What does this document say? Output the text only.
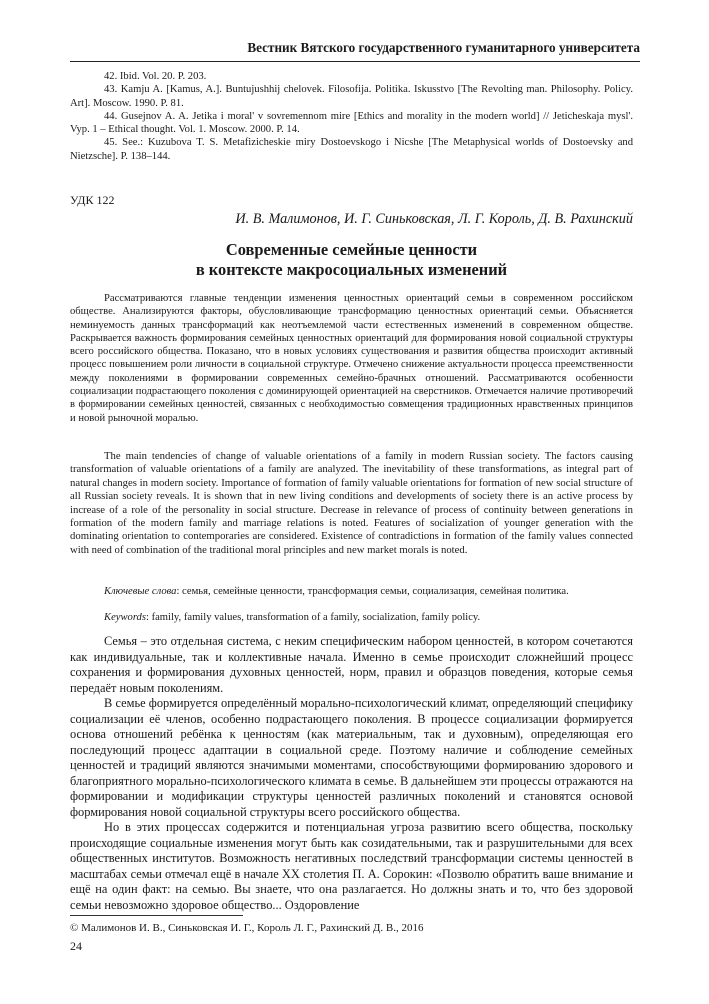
Вестник Вятского государственного гуманитарного университета

42. Ibid. Vol. 20. P. 203.

43. Kamju A. [Kamus, A.]. Buntujushhij chelovek. Filosofija. Politika. Iskusstvo [The Revolting man. Philosophy. Policy. Art]. Moscow. 1990. P. 81.

44. Gusejnov A. A. Jetika i moral' v sovremennom mire [Ethics and morality in the modern world] // Jeticheskaja mysl'. Vyp. 1 – Ethical thought. Vol. 1. Moscow. 2000. P. 14.

45. See.: Kuzubova T. S. Metafizicheskie miry Dostoevskogo i Nicshe [The Metaphysical worlds of Dostoevsky and Nietzsche]. P. 138–144.

УДК 122
И. В. Малимонов, И. Г. Синьковская, Л. Г. Король, Д. В. Рахинский
Современные семейные ценности
в контексте макросоциальных изменений

Рассматриваются главные тенденции изменения ценностных ориентаций семьи в современном российском обществе. Анализируются факторы, обусловливающие трансформацию ценностных ориентаций семьи. Объясняется неминуемость данных трансформаций как неотъемлемой части естественных изменений в современном обществе. Раскрывается важность формирования семейных ценностных ориентаций для формирования новой социальной структуры всего российского общества. Показано, что в новых условиях существования и развития общества происходит активный процесс повышением роли личности в социальной структуре. Отмечено снижение актуальности процесса преемственности между поколениями в формировании современных семейно-брачных отношений. Рассматриваются особенности социализации подрастающего поколения с доминирующей ориентацией на сверстников. Отмечается наличие противоречий в формировании семейных ценностей, связанных с необходимостью совмещения традиционных нравственных принципов и новой рыночной моралью.

The main tendencies of change of valuable orientations of a family in modern Russian society. The factors causing transformation of valuable orientations of a family are analyzed. The inevitability of these transformations, as integral part of natural changes in modern society. Importance of formation of family valuable orientations for formation of new social structure of all Russian society reveals. It is shown that in new living conditions and developments of society there is an active process by increase of a role of the personality in social structure. Decrease in relevance of process of continuity between generations in formation of the modern family and marriage relations is noted. Features of socialization of younger generation with the dominating orientation to contemporaries are considered. Existence of contradictions in formation of the family values connected with need of combination of the traditional moral principles and new market morals is noted.

Ключевые слова: семья, семейные ценности, трансформация семьи, социализация, семейная политика.

Keywords: family, family values, transformation of a family, socialization, family policy.

Семья – это отдельная система, с неким специфическим набором ценностей, в котором сочетаются как индивидуальные, так и коллективные начала. Именно в семье происходит сложнейший процесс сохранения и формирования духовных ценностей, норм, правил и образцов поведения, которые семья передаёт новым поколениям.

В семье формируется определённый морально-психологический климат, определяющий специфику социализации её членов, особенно подрастающего поколения. В процессе социализации формируется основа отношений ребёнка к ценностям (как материальным, так и духовным), определяющая его последующий процесс адаптации в социальной среде. Поэтому наличие и соблюдение семейных ценностей и традиций являются значимыми моментами, способствующими формированию здорового и благоприятного морально-психологического климата в семье. В дальнейшем эти процессы отражаются на формировании и модификации структуры ценностей различных поколений и становятся основой формирования новой социальной структуры всего российского общества.

Но в этих процессах содержится и потенциальная угроза развитию всего общества, поскольку происходящие социальные изменения могут быть как созидательными, так и разрушительными для всех общественных институтов. Возможность негативных последствий трансформации системы ценностей в масштабах семьи отмечал ещё в начале XX столетия П. А. Сорокин: «Позволю обратить ваше внимание и ещё на один факт: на семью. Вы знаете, что она разлагается. Но должны знать и то, что без здоровой семьи невозможно здоровое общество... Оздоровление

© Малимонов И. В., Синьковская И. Г., Король Л. Г., Рахинский Д. В., 2016
24
